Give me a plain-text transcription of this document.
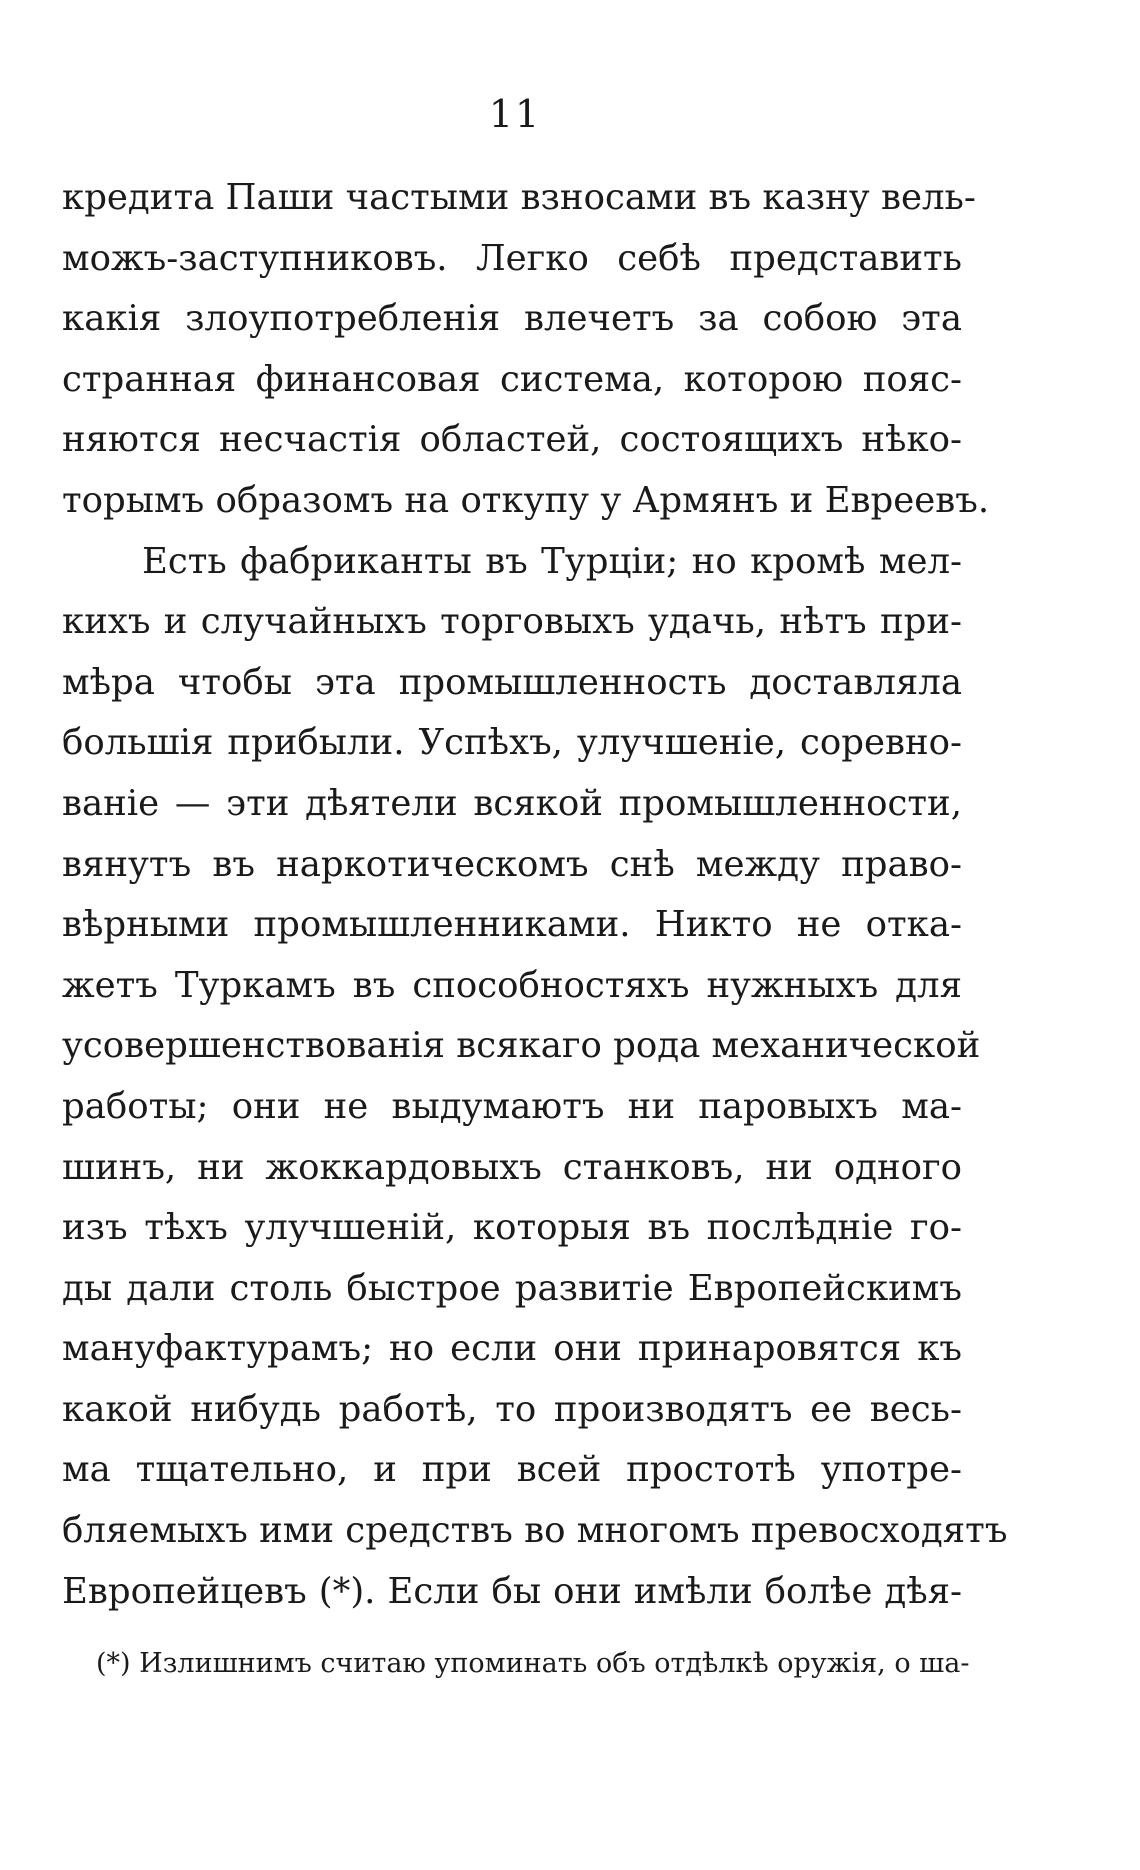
11
кредита Паши частыми взносами въ казну вель-
можъ-заступниковъ. Легко себѣ представить
какія злоупотребленія влечетъ за собою эта
странная финансовая система, которою пояс-
няются несчастія областей, состоящихъ нѣко-
торымъ образомъ на откупу у Армянъ и Евреевъ.
Есть фабриканты въ Турціи; но кромѣ мел-
кихъ и случайныхъ торговыхъ удачь, нѣтъ при-
мѣра чтобы эта промышленность доставляла
большія прибыли. Успѣхъ, улучшеніе, соревно-
ваніе — эти дѣятели всякой промышленности,
вянутъ въ наркотическомъ снѣ между право-
вѣрными промышленниками. Никто не отка-
жетъ Туркамъ въ способностяхъ нужныхъ для
усовершенствованія всякаго рода механической
работы; они не выдумаютъ ни паровыхъ ма-
шинъ, ни жоккардовыхъ станковъ, ни одного
изъ тѣхъ улучшеній, которыя въ послѣдніе го-
ды дали столь быстрое развитіе Европейскимъ
мануфактурамъ; но если они принаровятся къ
какой нибудь работѣ, то производятъ ее весь-
ма тщательно, и при всей простотѣ употре-
бляемыхъ ими средствъ во многомъ превосходятъ
Европейцевъ (*). Если бы они имѣли болѣе дѣя-
(*) Излишнимъ считаю упоминать объ отдѣлкѣ оружія, о ша-
